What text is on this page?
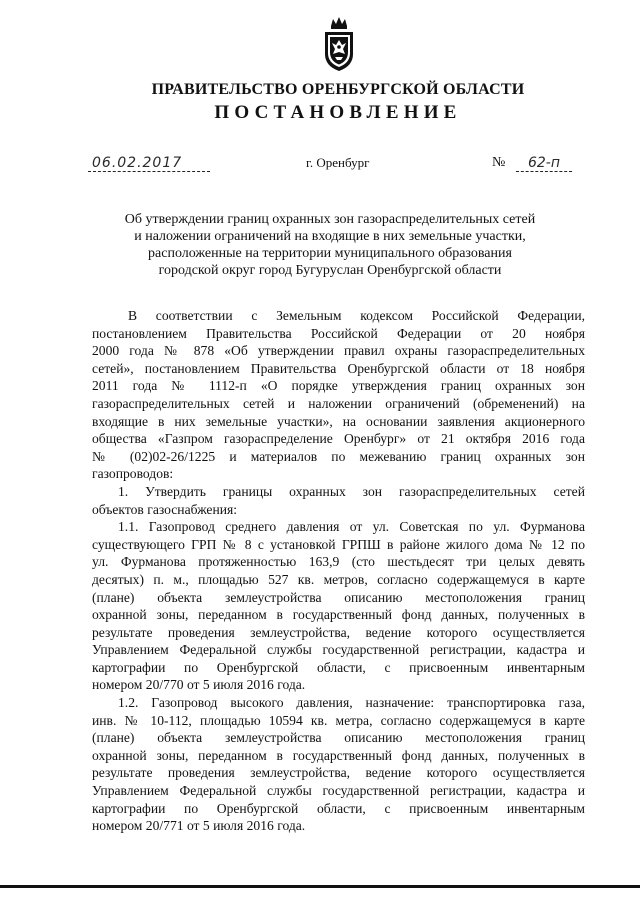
ПРАВИТЕЛЬСТВО ОРЕНБУРГСКОЙ ОБЛАСТИ
ПОСТАНОВЛЕНИЕ
06.02.2017	г. Оренбург	№	62-п
Об утверждении границ охранных зон газораспределительных сетей
и наложении ограничений на входящие в них земельные участки,
расположенные на территории муниципального образования
городской округ город Бугуруслан Оренбургской области
В соответствии с Земельным кодексом Российской Федерации,
постановлением Правительства Российской Федерации от 20 ноября
2000 года № 878 «Об утверждении правил охраны газораспределительных
сетей», постановлением Правительства Оренбургской области от 18 ноября
2011 года № 1112-п «О порядке утверждения границ охранных зон
газораспределительных сетей и наложении ограничений (обременений) на
входящие в них земельные участки», на основании заявления акционерного
общества «Газпром газораспределение Оренбург» от 21 октября 2016 года
№ (02)02-26/1225 и материалов по межеванию границ охранных зон
газопроводов:
1. Утвердить границы охранных зон газораспределительных сетей
объектов газоснабжения:
1.1. Газопровод среднего давления от ул. Советская по ул. Фурманова
существующего ГРП № 8 с установкой ГРПШ в районе жилого дома № 12 по
ул. Фурманова протяженностью 163,9 (сто шестьдесят три целых девять
десятых) п. м., площадью 527 кв. метров, согласно содержащемуся в карте
(плане) объекта землеустройства описанию местоположения границ
охранной зоны, переданном в государственный фонд данных, полученных в
результате проведения землеустройства, ведение которого осуществляется
Управлением Федеральной службы государственной регистрации, кадастра и
картографии по Оренбургской области, с присвоенным инвентарным
номером 20/770 от 5 июля 2016 года.
1.2. Газопровод высокого давления, назначение: транспортировка газа,
инв. № 10-112, площадью 10594 кв. метра, согласно содержащемуся в карте
(плане) объекта землеустройства описанию местоположения границ
охранной зоны, переданном в государственный фонд данных, полученных в
результате проведения землеустройства, ведение которого осуществляется
Управлением Федеральной службы государственной регистрации, кадастра и
картографии по Оренбургской области, с присвоенным инвентарным
номером 20/771 от 5 июля 2016 года.
